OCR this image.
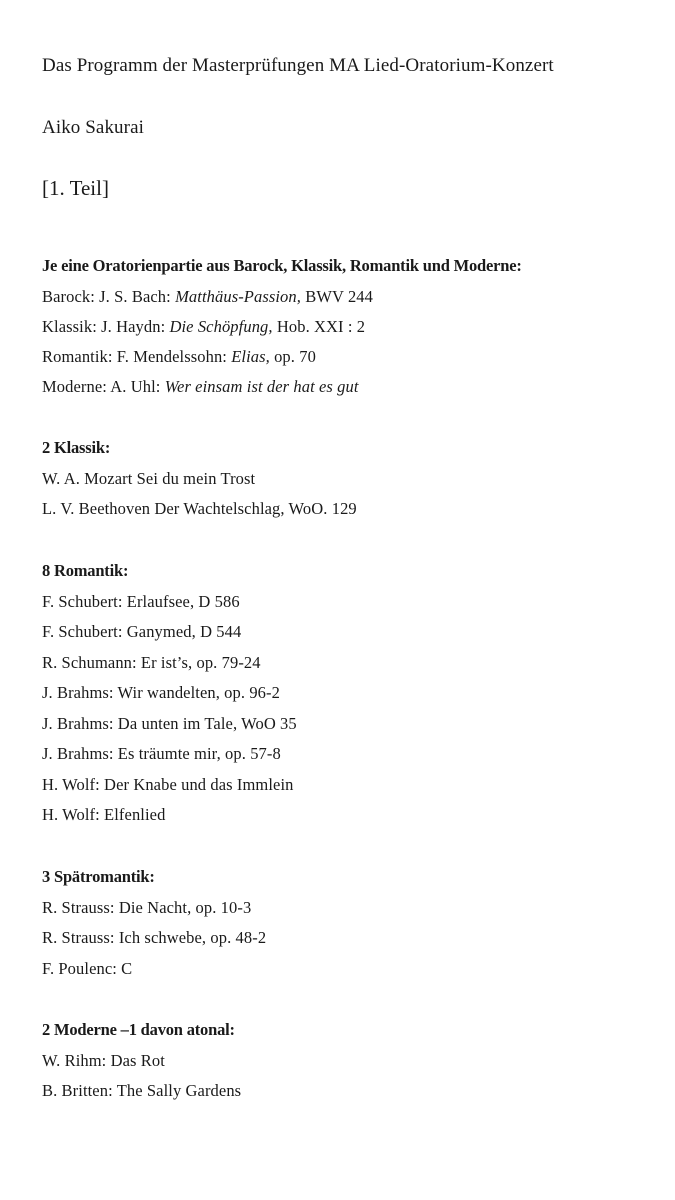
Das Programm der Masterprüfungen MA Lied-Oratorium-Konzert
Aiko Sakurai
[1. Teil]
Je eine Oratorienpartie aus Barock, Klassik, Romantik und Moderne:
Barock: J. S. Bach: Matthäus-Passion, BWV 244
Klassik: J. Haydn: Die Schöpfung, Hob. XXI : 2
Romantik: F. Mendelssohn: Elias, op. 70
Moderne: A. Uhl: Wer einsam ist der hat es gut
2 Klassik:
W. A. Mozart Sei du mein Trost
L. V. Beethoven Der Wachtelschlag, WoO. 129
8 Romantik:
F. Schubert: Erlaufsee, D 586
F. Schubert: Ganymed, D 544
R. Schumann: Er ist’s, op. 79-24
J. Brahms: Wir wandelten, op. 96-2
J. Brahms: Da unten im Tale, WoO 35
J. Brahms: Es träumte mir, op. 57-8
H. Wolf: Der Knabe und das Immlein
H. Wolf: Elfenlied
3 Spätromantik:
R. Strauss: Die Nacht, op. 10-3
R. Strauss: Ich schwebe, op. 48-2
F. Poulenc: C
2 Moderne –1 davon atonal:
W. Rihm: Das Rot
B. Britten: The Sally Gardens
